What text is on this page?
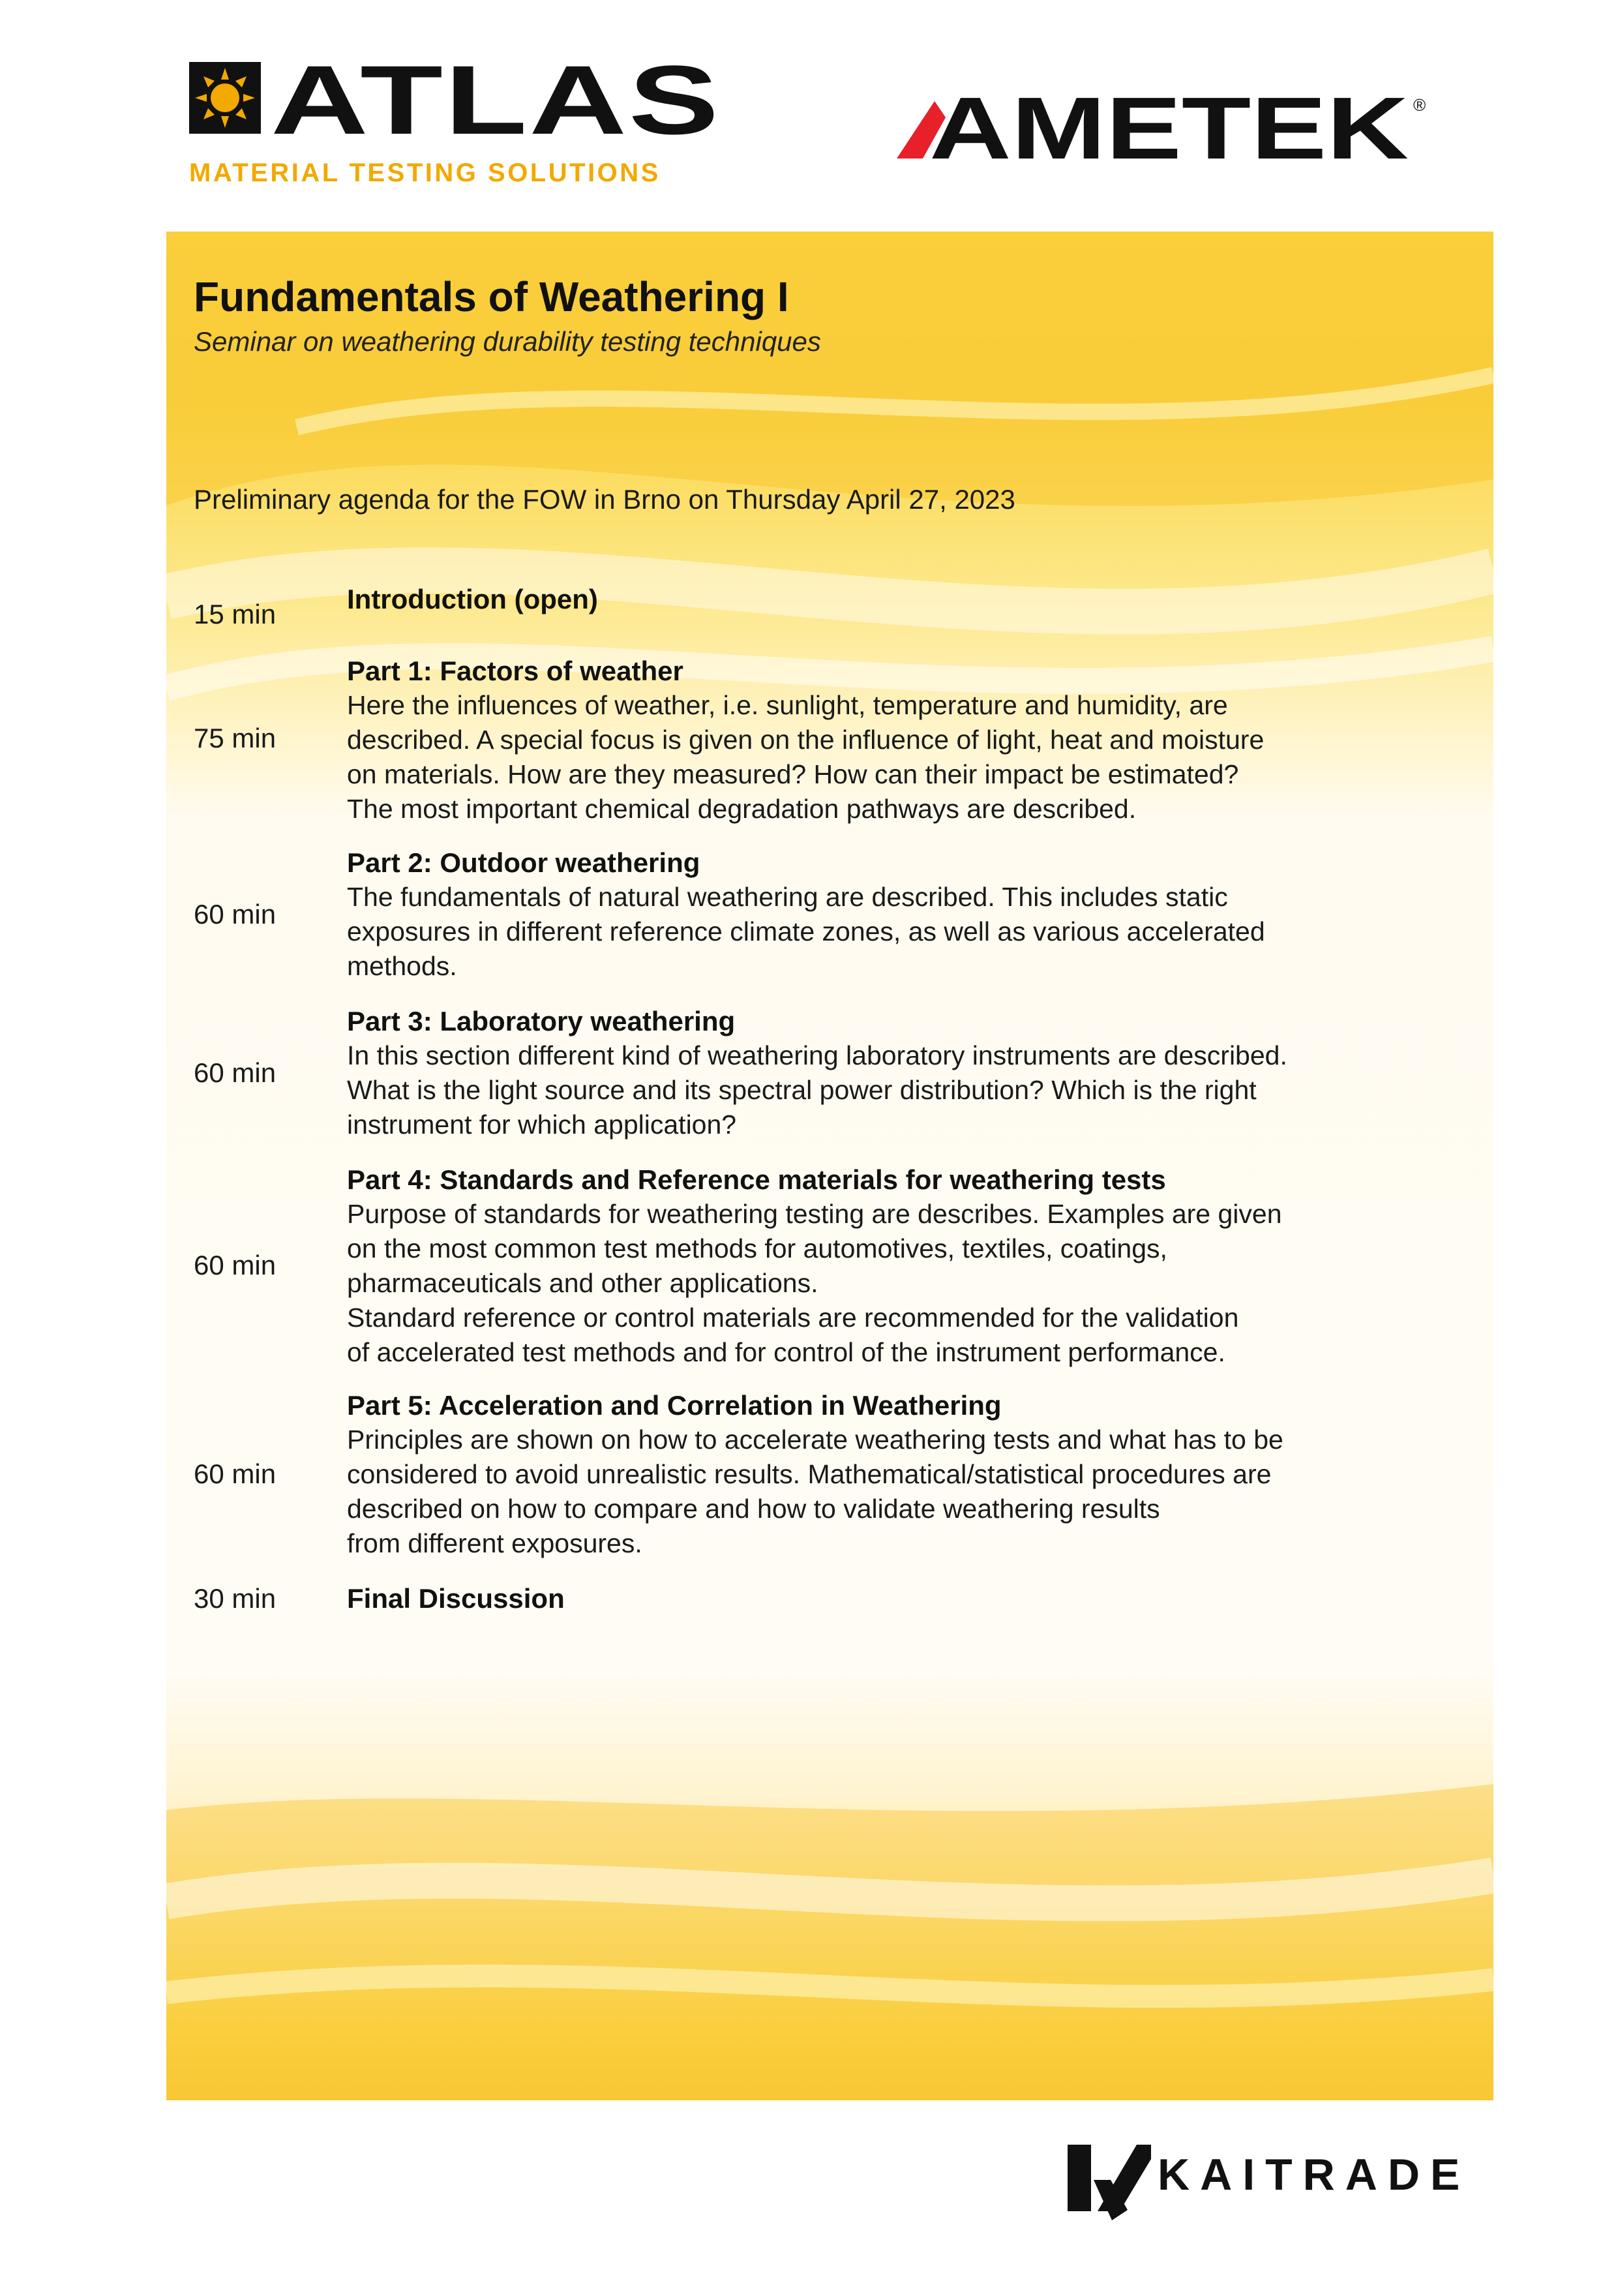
ATLAS
MATERIAL TESTING SOLUTIONS	AMETEK ®
Fundamentals of Weathering I
Seminar on weathering durability testing techniques
Preliminary agenda for the FOW in Brno on Thursday April 27, 2023
15 min
75 min
60 min
60 min
60 min
60 min
30 min
Introduction (open)
Part 1: Factors of weather
Here the influences of weather, i.e. sunlight, temperature and humidity, are
described. A special focus is given on the influence of light, heat and moisture
on materials. How are they measured? How can their impact be estimated?
The most important chemical degradation pathways are described.
Part 2: Outdoor weathering
The fundamentals of natural weathering are described. This includes static
exposures in different reference climate zones, as well as various accelerated
methods.
Part 3: Laboratory weathering
In this section different kind of weathering laboratory instruments are described.
What is the light source and its spectral power distribution? Which is the right
instrument for which application?
Part 4: Standards and Reference materials for weathering tests
Purpose of standards for weathering testing are describes. Examples are given
on the most common test methods for automotives, textiles, coatings,
pharmaceuticals and other applications.
Standard reference or control materials are recommended for the validation
of accelerated test methods and for control of the instrument performance.
Part 5: Acceleration and Correlation in Weathering
Principles are shown on how to accelerate weathering tests and what has to be
considered to avoid unrealistic results. Mathematical/statistical procedures are
described on how to compare and how to validate weathering results
from different exposures.
Final Discussion
KAITRADE
